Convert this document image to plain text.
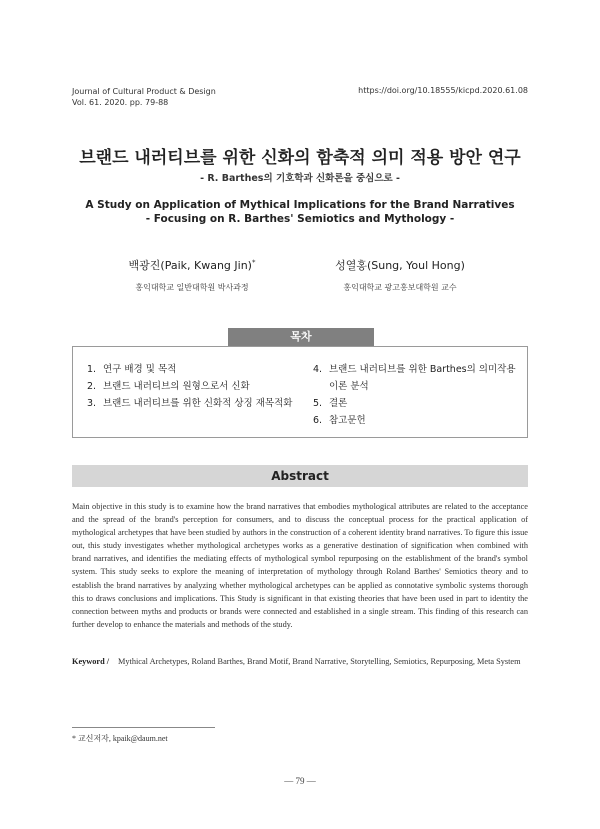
Journal of Cultural Product & Design
Vol. 61. 2020. pp. 79-88
https://doi.org/10.18555/kicpd.2020.61.08
브랜드 내러티브를 위한 신화의 함축적 의미 적용 방안 연구
- R. Barthes의 기호학과 신화론을 중심으로 -
A Study on Application of Mythical Implications for the Brand Narratives
- Focusing on R. Barthes' Semiotics and Mythology -
백광진(Paik, Kwang Jin)*
홍익대학교 일반대학원 박사과정
성열홍(Sung, Youl Hong)
홍익대학교 광고홍보대학원 교수
목차
1. 연구 배경 및 목적
2. 브랜드 내러티브의 원형으로서 신화
3. 브랜드 내러티브를 위한 신화적 상징 재목적화
4. 브랜드 내러티브를 위한 Barthes의 의미작용 이론 분석
5. 결론
6. 참고문헌
Abstract
Main objective in this study is to examine how the brand narratives that embodies mythological attributes are related to the acceptance and the spread of the brand's perception for consumers, and to discuss the conceptual process for the practical application of mythological archetypes that have been studied by authors in the construction of a coherent identity brand narratives. To figure this issue out, this study investigates whether mythological archetypes works as a generative destination of signification when combined with brand narratives, and identifies the mediating effects of mythological symbol repurposing on the establishment of the brand's symbol system. This study seeks to explore the meaning of interpretation of mythology through Roland Barthes' Semiotics theory and to establish the brand narratives by analyzing whether mythological archetypes can be applied as connotative symbolic systems thorough this to draws conclusions and implications. This Study is significant in that existing theories that have been used in part to identity the connection between myths and products or brands were connected and established in a single stream. This finding of this research can further develop to enhance the materials and methods of the study.
Keyword /	Mythical Archetypes, Roland Barthes, Brand Motif, Brand Narrative, Storytelling, Semiotics, Repurposing, Meta System
* 교신저자, kpaik@daum.net
— 79 —
